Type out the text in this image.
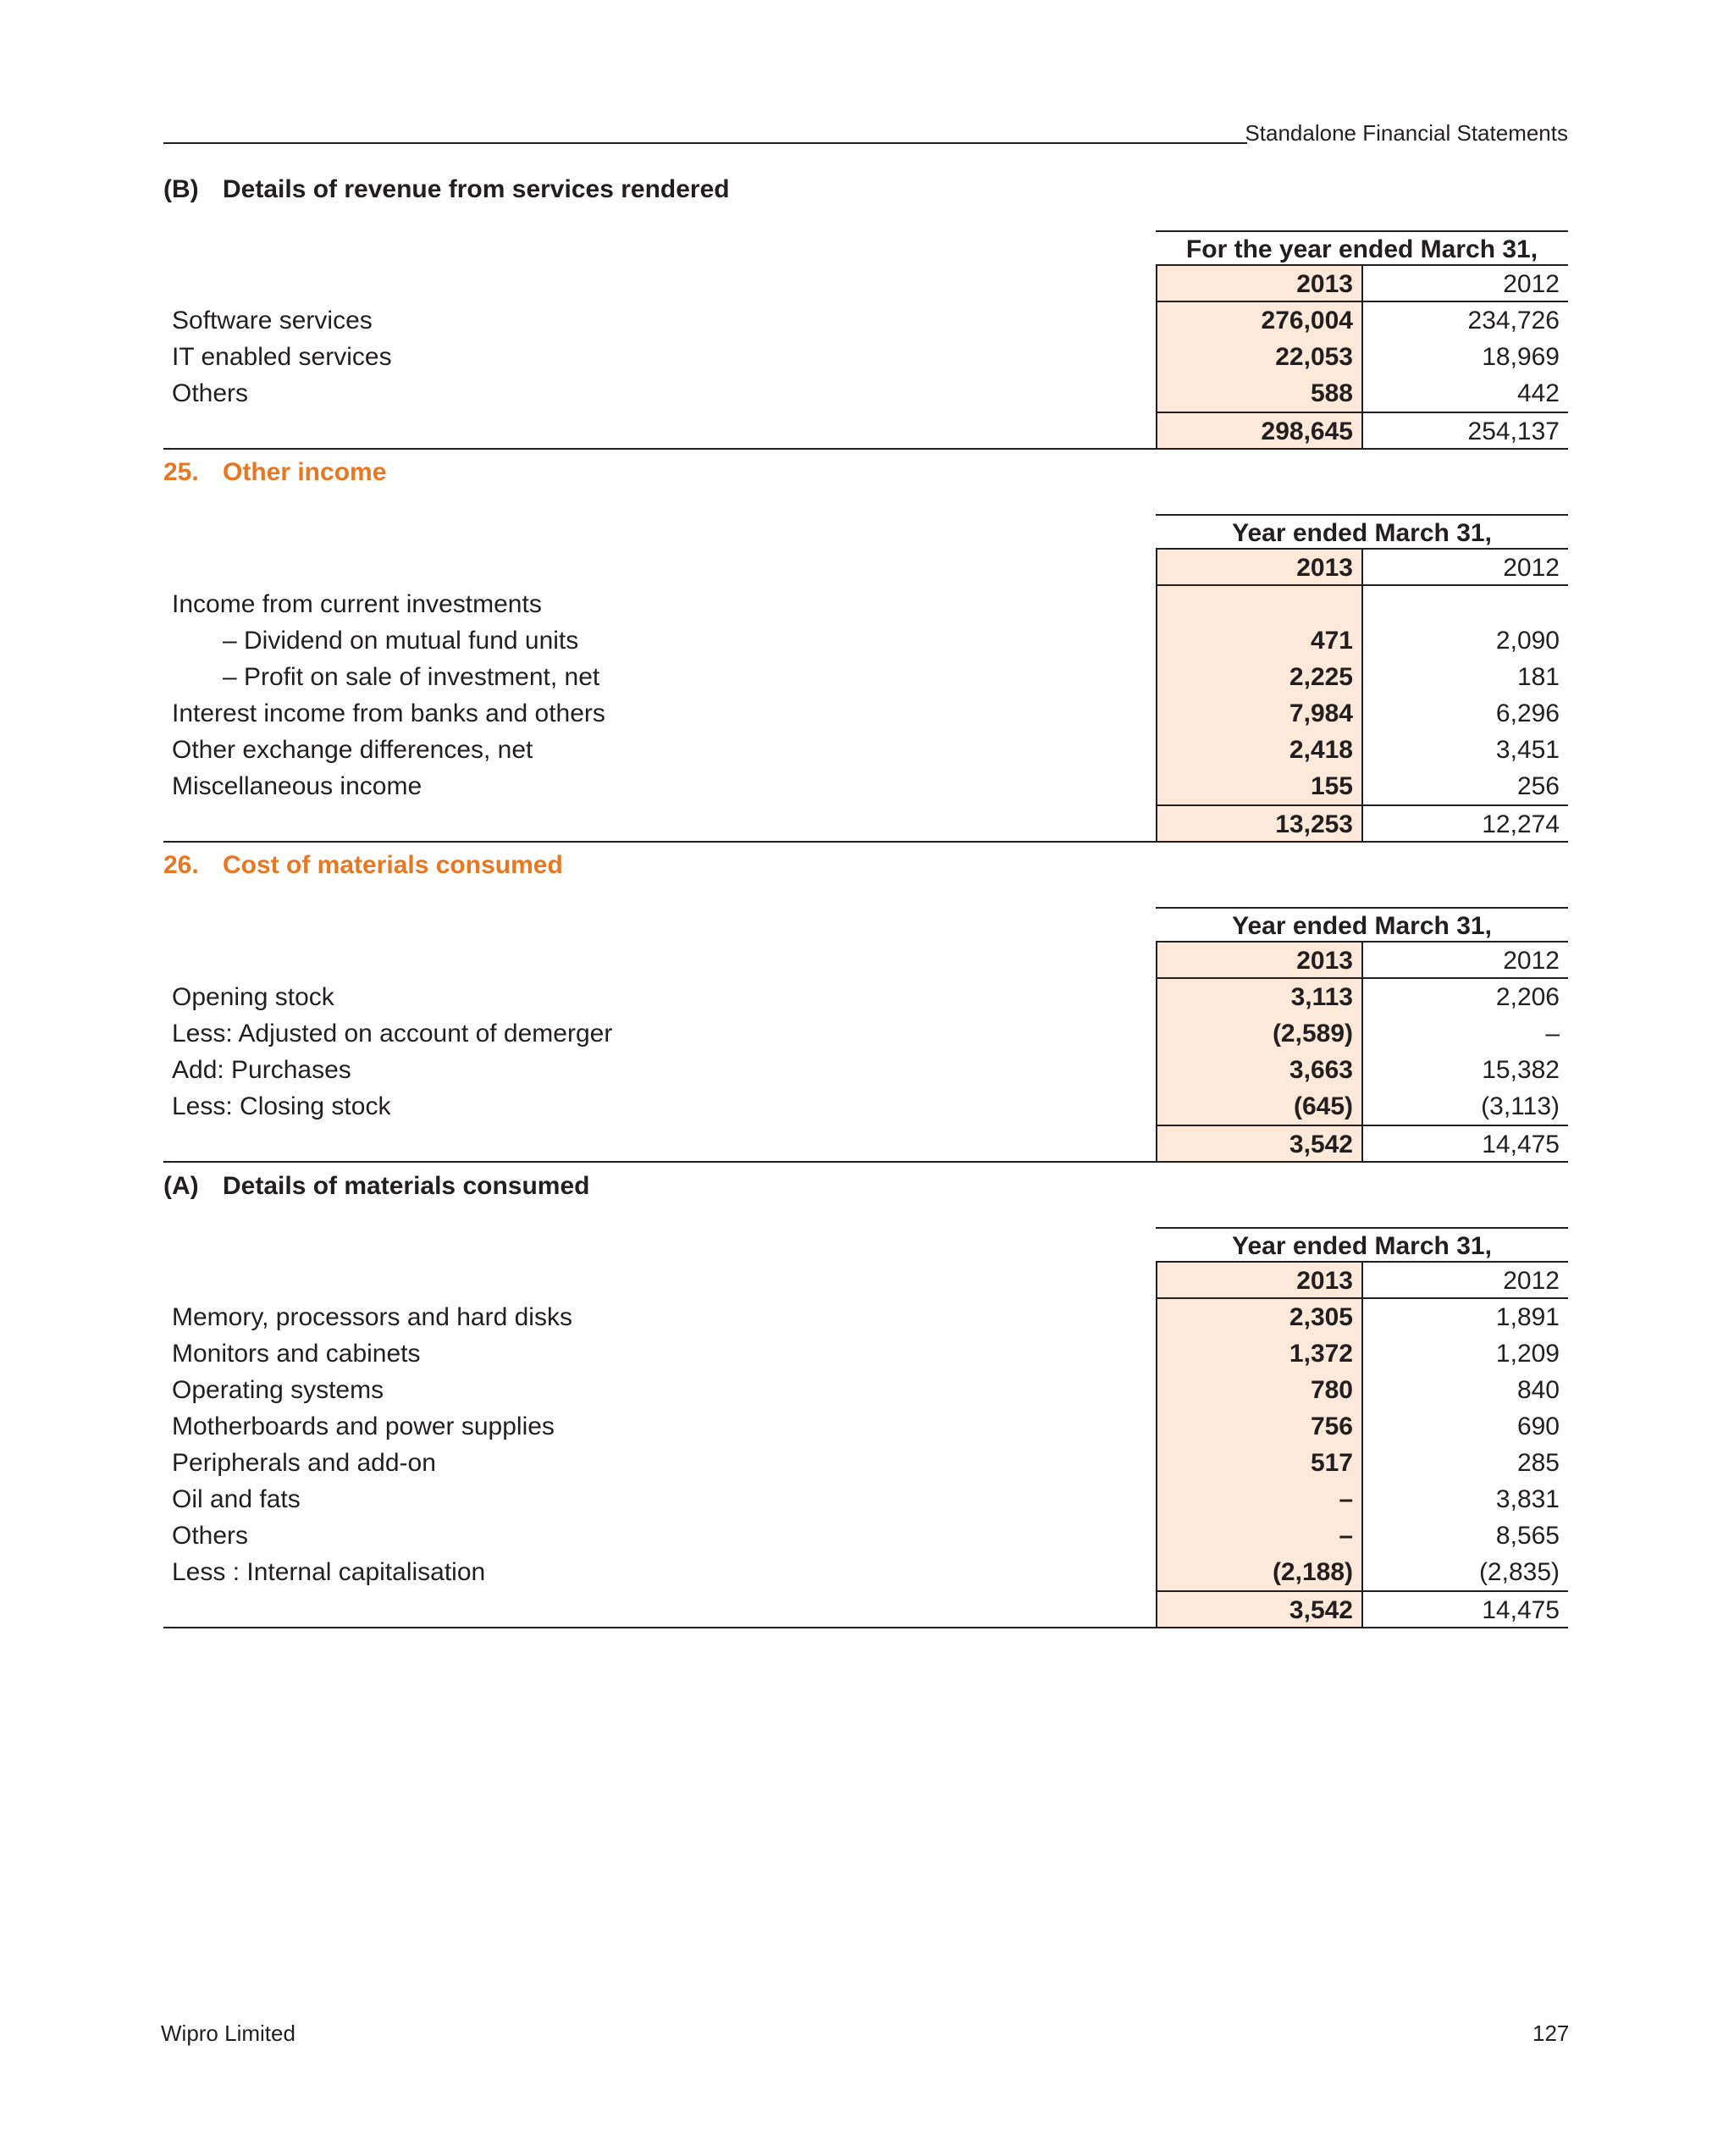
Standalone Financial Statements
(B) Details of revenue from services rendered
For the year ended March 31,
2013	2012
Software services	276,004	234,726
IT enabled services	22,053	18,969
Others	588	442
298,645	254,137
25. Other income
Year ended March 31,
2013	2012
Income from current investments
– Dividend on mutual fund units	471	2,090
– Profit on sale of investment, net	2,225	181
Interest income from banks and others	7,984	6,296
Other exchange differences, net	2,418	3,451
Miscellaneous income	155	256
13,253	12,274
26. Cost of materials consumed
Year ended March 31,
2013	2012
Opening stock	3,113	2,206
Less: Adjusted on account of demerger	(2,589)	–
Add: Purchases	3,663	15,382
Less: Closing stock	(645)	(3,113)
3,542	14,475
(A) Details of materials consumed
Year ended March 31,
2013	2012
Memory, processors and hard disks	2,305	1,891
Monitors and cabinets	1,372	1,209
Operating systems	780	840
Motherboards and power supplies	756	690
Peripherals and add-on	517	285
Oil and fats	–	3,831
Others	–	8,565
Less : Internal capitalisation	(2,188)	(2,835)
3,542	14,475
Wipro Limited	127
